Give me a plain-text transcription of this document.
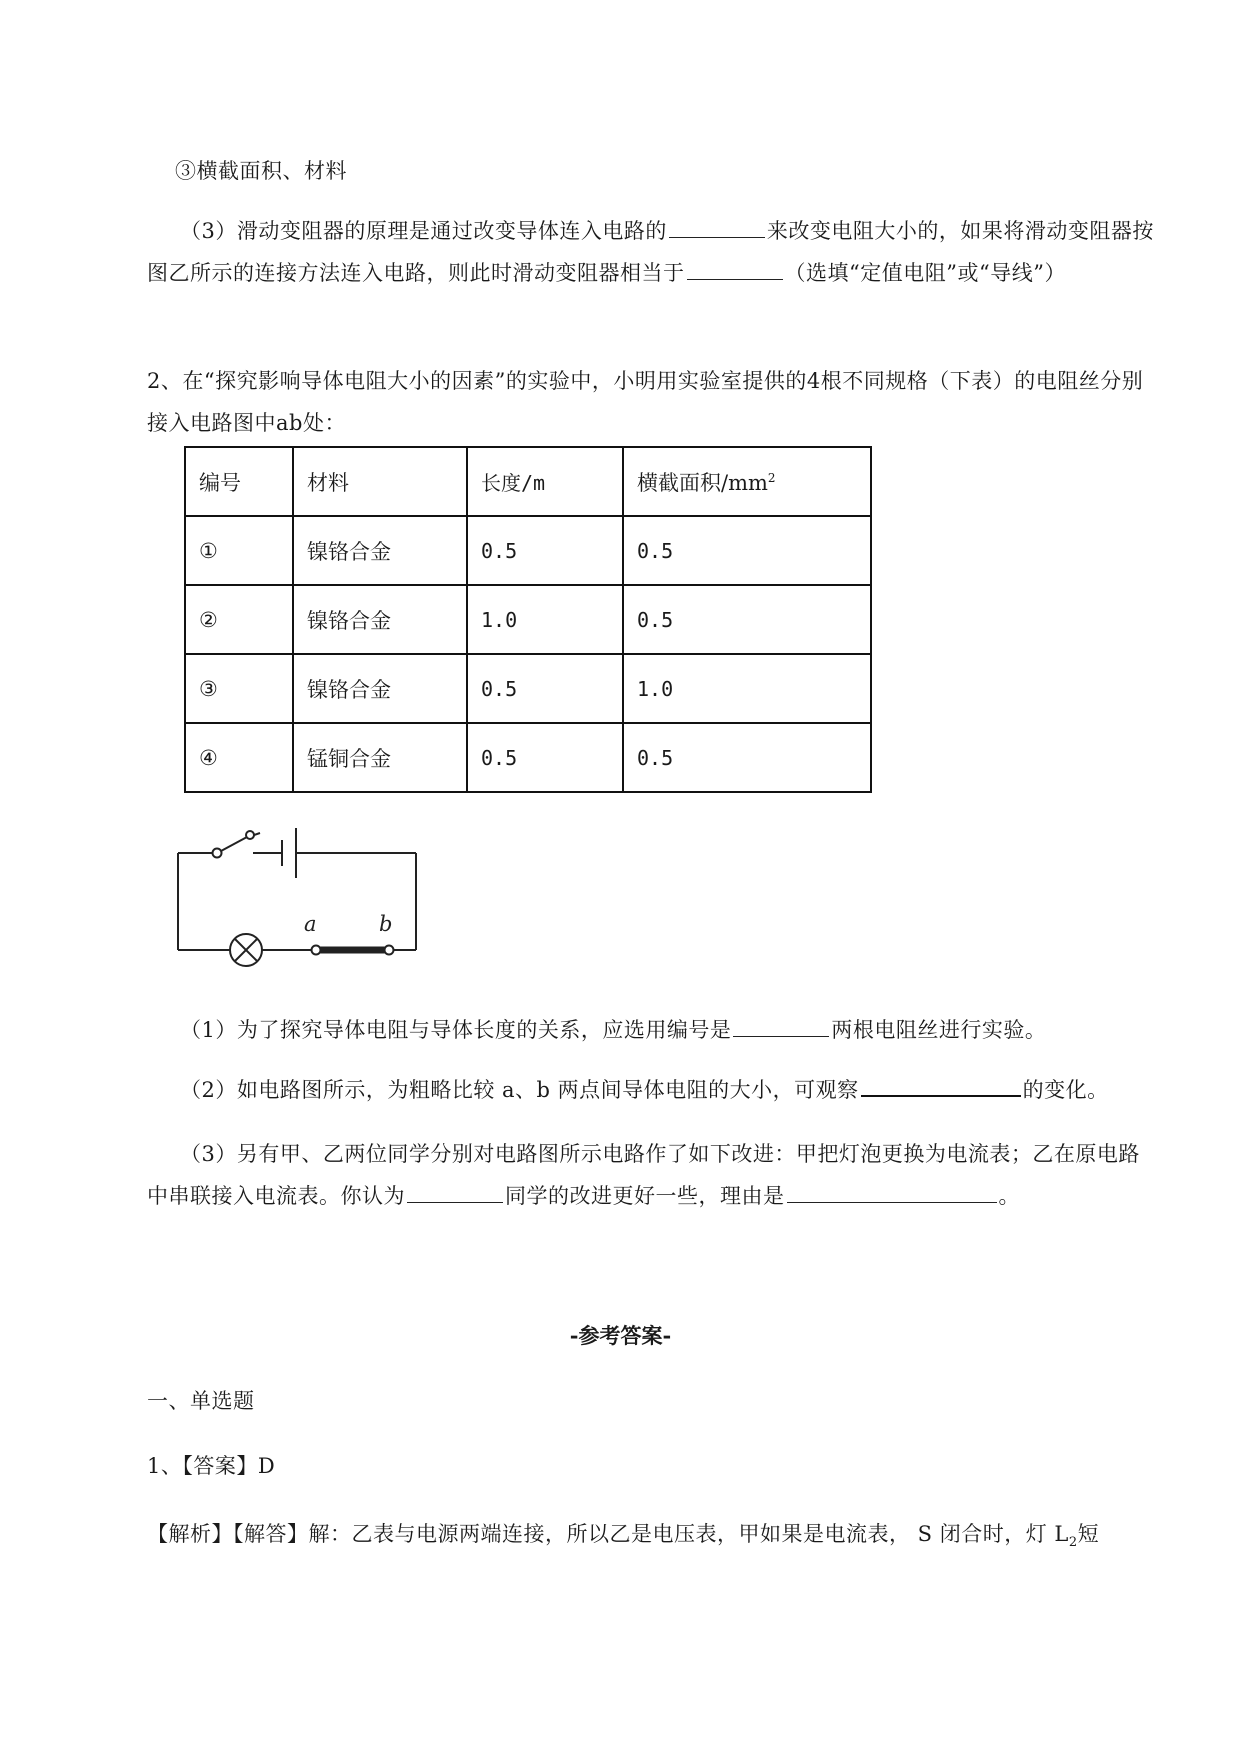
③横截面积、材料

（3）滑动变阻器的原理是通过改变导体连入电路的	来改变电阻大小的，如果将滑动变阻器按图乙所示的连接方法连入电路，则此时滑动变阻器相当于	（选填“定值电阻”或“导线”）

2、在“探究影响导体电阻大小的因素”的实验中，小明用实验室提供的4根不同规格（下表）的电阻丝分别接入电路图中ab处：

编号	材料	长度/m	横截面积$/mm^2$
①	镍铬合金	0.5	0.5
②	镍铬合金	1.0	0.5
③	镍铬合金	0.5	1.0
④	锰铜合金	0.5	0.5
a	b

（1）为了探究导体电阻与导体长度的关系，应选用编号是	两根电阻丝进行实验。

（2）如电路图所示，为粗略比较 a、b 两点间导体电阻的大小，可观察	的变化。

（3）另有甲、乙两位同学分别对电路图所示电路作了如下改进：甲把灯泡更换为电流表；乙在原电路中串联接入电流表。你认为	同学的改进更好一些，理由是	。

-参考答案-

一、单选题

1、【答案】D

【解析】【解答】解：乙表与电源两端连接，所以乙是电压表，甲如果是电流表， S 闭合时，灯 $L_2$短
